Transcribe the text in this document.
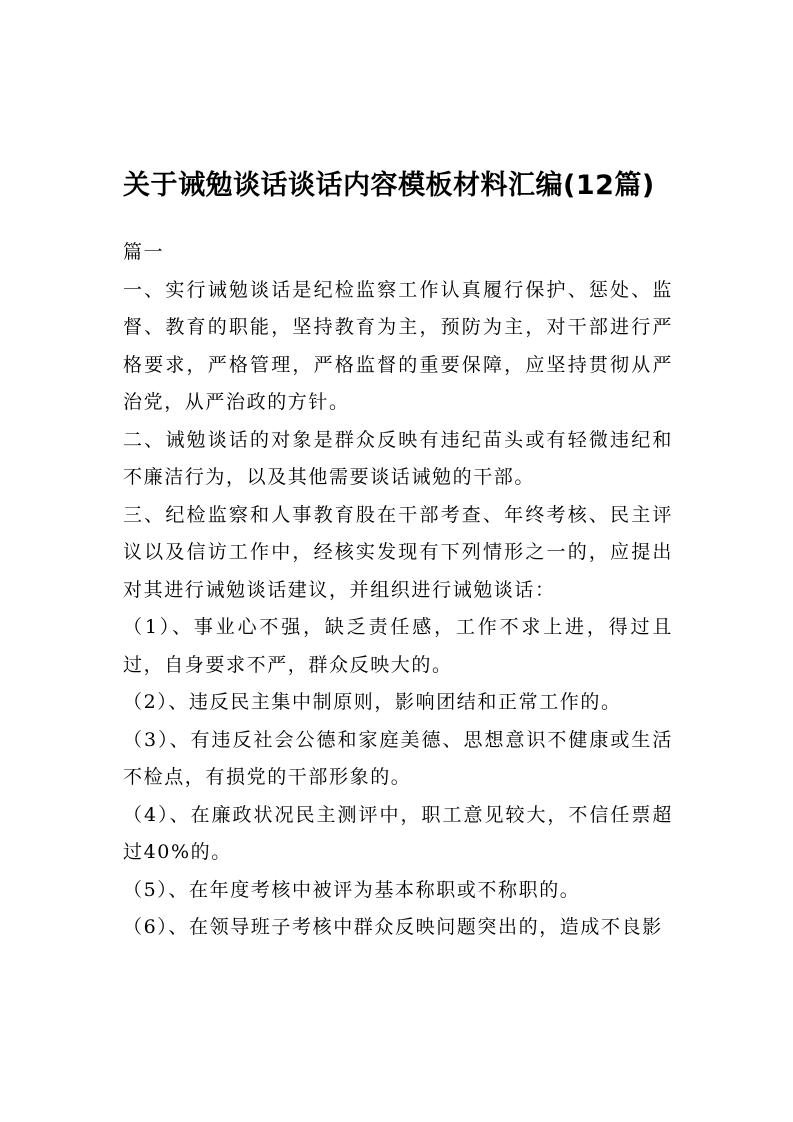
关于诫勉谈话谈话内容模板材料汇编(12篇)

篇一

一、实行诫勉谈话是纪检监察工作认真履行保护、惩处、监督、教育的职能，坚持教育为主，预防为主，对干部进行严格要求，严格管理，严格监督的重要保障，应坚持贯彻从严治党，从严治政的方针。

二、诫勉谈话的对象是群众反映有违纪苗头或有轻微违纪和不廉洁行为，以及其他需要谈话诫勉的干部。

三、纪检监察和人事教育股在干部考查、年终考核、民主评议以及信访工作中，经核实发现有下列情形之一的，应提出对其进行诫勉谈话建议，并组织进行诫勉谈话：

（1）、事业心不强，缺乏责任感，工作不求上进，得过且过，自身要求不严，群众反映大的。

（2）、违反民主集中制原则，影响团结和正常工作的。

（3）、有违反社会公德和家庭美德、思想意识不健康或生活不检点，有损党的干部形象的。

（4）、在廉政状况民主测评中，职工意见较大，不信任票超过40%的。

（5）、在年度考核中被评为基本称职或不称职的。

（6）、在领导班子考核中群众反映问题突出的，造成不良影
